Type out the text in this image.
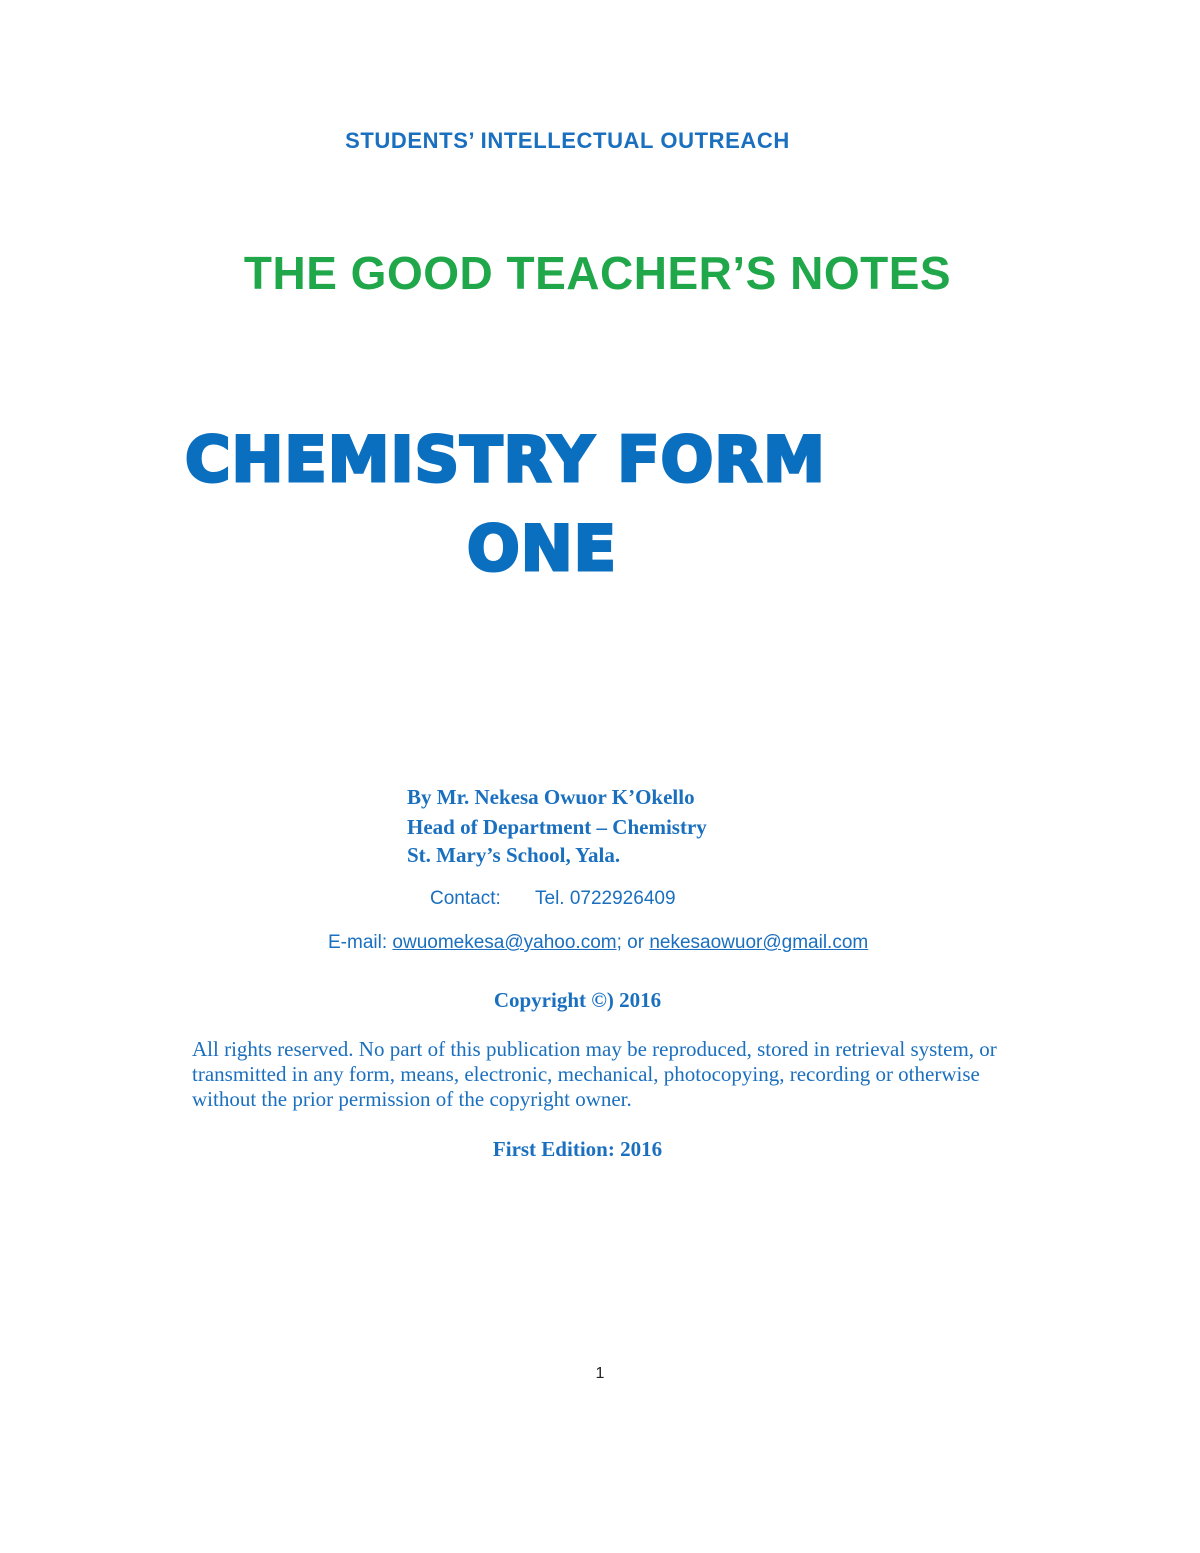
STUDENTS’ INTELLECTUAL OUTREACH
THE GOOD TEACHER’S NOTES
CHEMISTRY FORM
ONE
By Mr. Nekesa Owuor K’Okello
Head of Department – Chemistry
St. Mary’s School, Yala.
Contact: Tel. 0722926409
E-mail: owuomekesa@yahoo.com; or nekesaowuor@gmail.com
Copyright ©) 2016
All rights reserved. No part of this publication may be reproduced, stored in retrieval system, or transmitted in any form, means, electronic, mechanical, photocopying, recording or otherwise without the prior permission of the copyright owner.
First Edition: 2016
1
